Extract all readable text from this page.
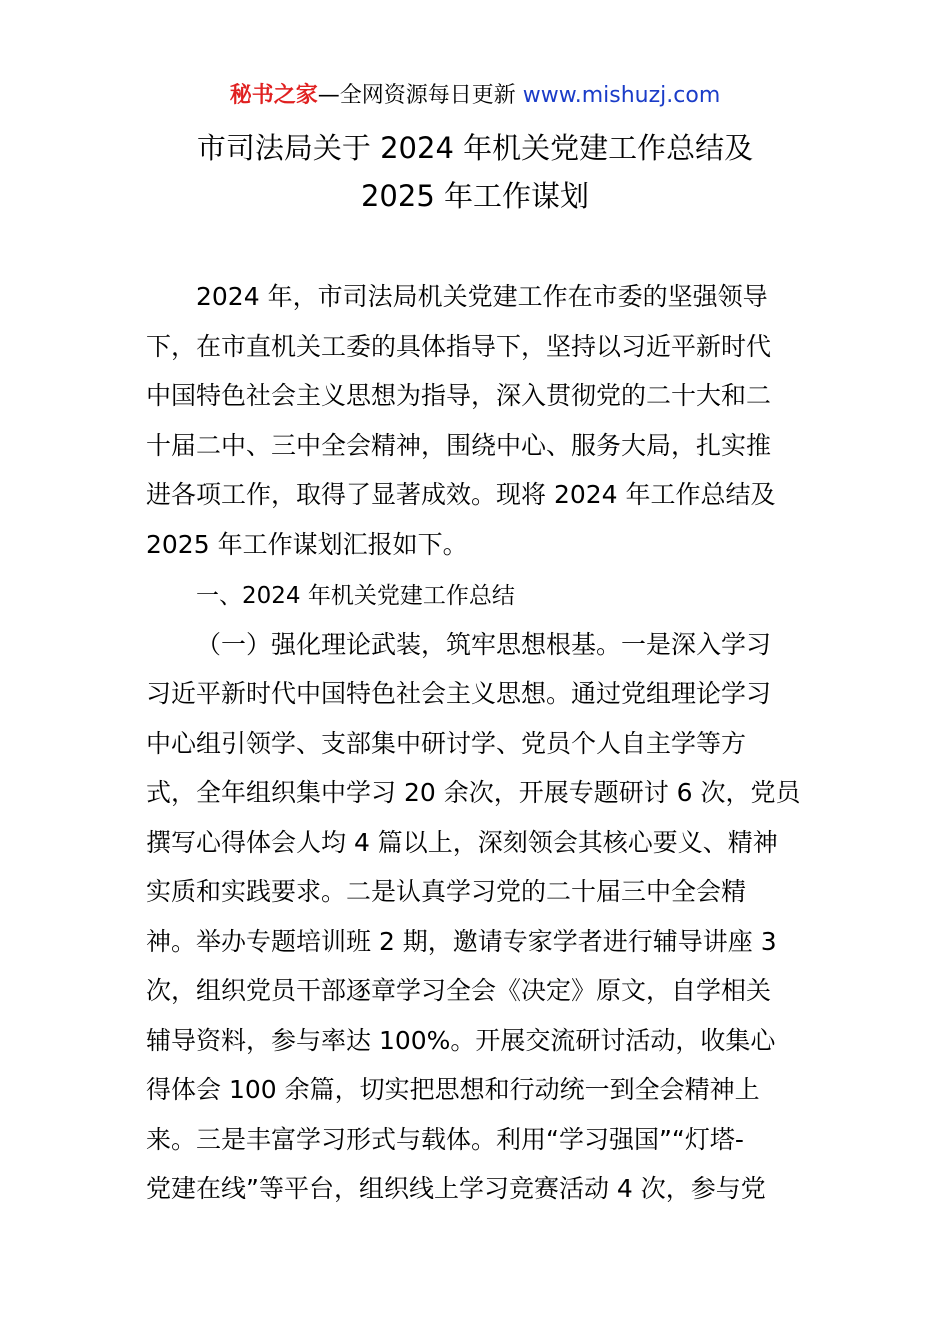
秘书之家—全网资源每日更新 www.mishuzj.com
市司法局关于 2024 年机关党建工作总结及
2025 年工作谋划
2024 年，市司法局机关党建工作在市委的坚强领导
下，在市直机关工委的具体指导下，坚持以习近平新时代
中国特色社会主义思想为指导，深入贯彻党的二十大和二
十届二中、三中全会精神，围绕中心、服务大局，扎实推
进各项工作，取得了显著成效。现将 2024 年工作总结及
2025 年工作谋划汇报如下。
一、2024 年机关党建工作总结
（一）强化理论武装，筑牢思想根基。一是深入学习
习近平新时代中国特色社会主义思想。通过党组理论学习
中心组引领学、支部集中研讨学、党员个人自主学等方
式，全年组织集中学习 20 余次，开展专题研讨 6 次，党员
撰写心得体会人均 4 篇以上，深刻领会其核心要义、精神
实质和实践要求。二是认真学习党的二十届三中全会精
神。举办专题培训班 2 期，邀请专家学者进行辅导讲座 3
次，组织党员干部逐章学习全会《决定》原文，自学相关
辅导资料，参与率达 100%。开展交流研讨活动，收集心
得体会 100 余篇，切实把思想和行动统一到全会精神上
来。三是丰富学习形式与载体。利用“学习强国”“灯塔-
党建在线”等平台，组织线上学习竞赛活动 4 次，参与党
